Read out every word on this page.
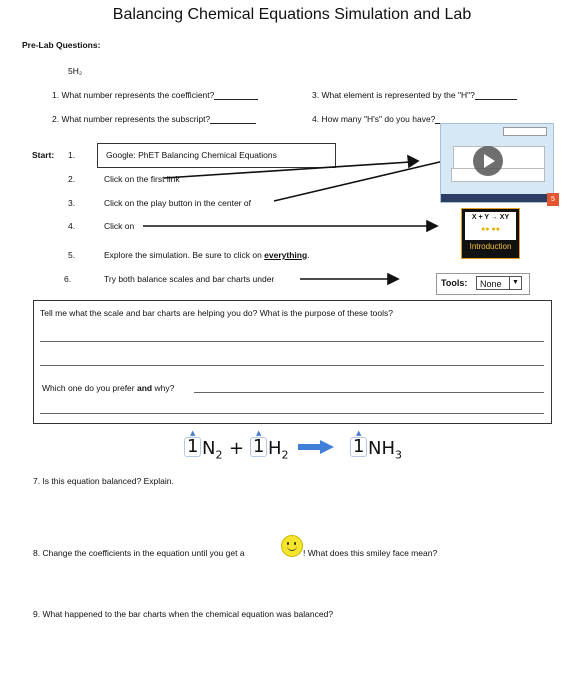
Balancing Chemical Equations Simulation and Lab
Pre-Lab Questions:
5H₂
1. What number represents the coefficient?
2. What number represents the subscript?
3. What element is represented by the "H"?
4. How many "H's" do you have?
Start: 1.	Google: PhET Balancing Chemical Equations
2.	Click on the first link
3.	Click on the play button in the center of
4.	Click on
5.	Explore the simulation. Be sure to click on everything.
6.	Try both balance scales and bar charts under
5
X + Y → XY
●● ●●
Introduction
Tools:	None	▼
Tell me what the scale and bar charts are helping you do? What is the purpose of these tools?
Which one do you prefer and why?
▲
1 $N_2$ +
▲
1 $H_2$
▲
1 $NH_3$
7. Is this equation balanced? Explain.
8. Change the coefficients in the equation until you get a	! What does this smiley face mean?
9. What happened to the bar charts when the chemical equation was balanced?
